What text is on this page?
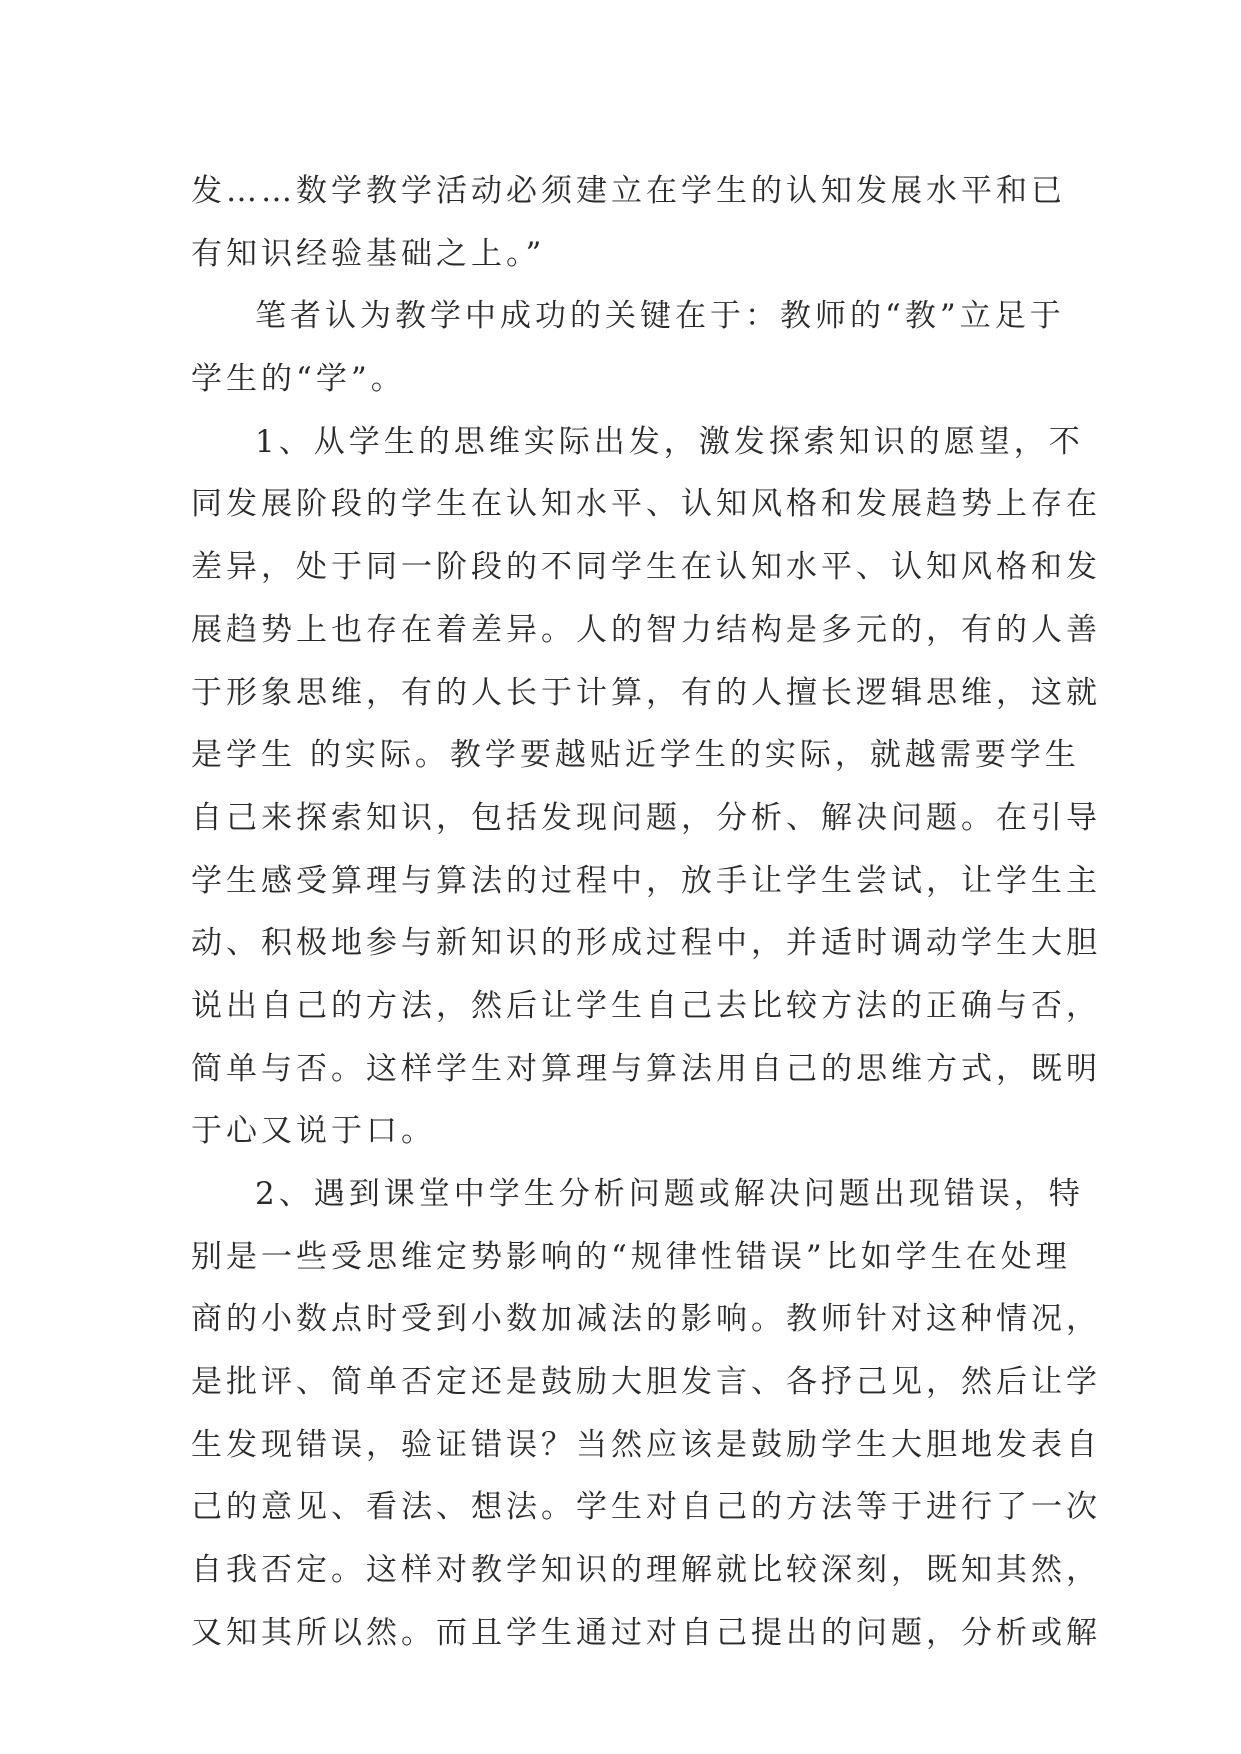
发……数学教学活动必须建立在学生的认知发展水平和已
有知识经验基础之上。”
笔者认为教学中成功的关键在于：教师的“教”立足于
学生的“学”。
1、从学生的思维实际出发，激发探索知识的愿望，不
同发展阶段的学生在认知水平、认知风格和发展趋势上存在
差异，处于同一阶段的不同学生在认知水平、认知风格和发
展趋势上也存在着差异。人的智力结构是多元的，有的人善
于形象思维，有的人长于计算，有的人擅长逻辑思维，这就
是学生 的实际。教学要越贴近学生的实际，就越需要学生
自己来探索知识，包括发现问题，分析、解决问题。在引导
学生感受算理与算法的过程中，放手让学生尝试，让学生主
动、积极地参与新知识的形成过程中，并适时调动学生大胆
说出自己的方法，然后让学生自己去比较方法的正确与否，
简单与否。这样学生对算理与算法用自己的思维方式，既明
于心又说于口。
2、遇到课堂中学生分析问题或解决问题出现错误，特
别是一些受思维定势影响的“规律性错误”比如学生在处理
商的小数点时受到小数加减法的影响。教师针对这种情况，
是批评、简单否定还是鼓励大胆发言、各抒己见，然后让学
生发现错误，验证错误？当然应该是鼓励学生大胆地发表自
己的意见、看法、想法。学生对自己的方法等于进行了一次
自我否定。这样对教学知识的理解就比较深刻，既知其然，
又知其所以然。而且学生通过对自己提出的问题，分析或解
